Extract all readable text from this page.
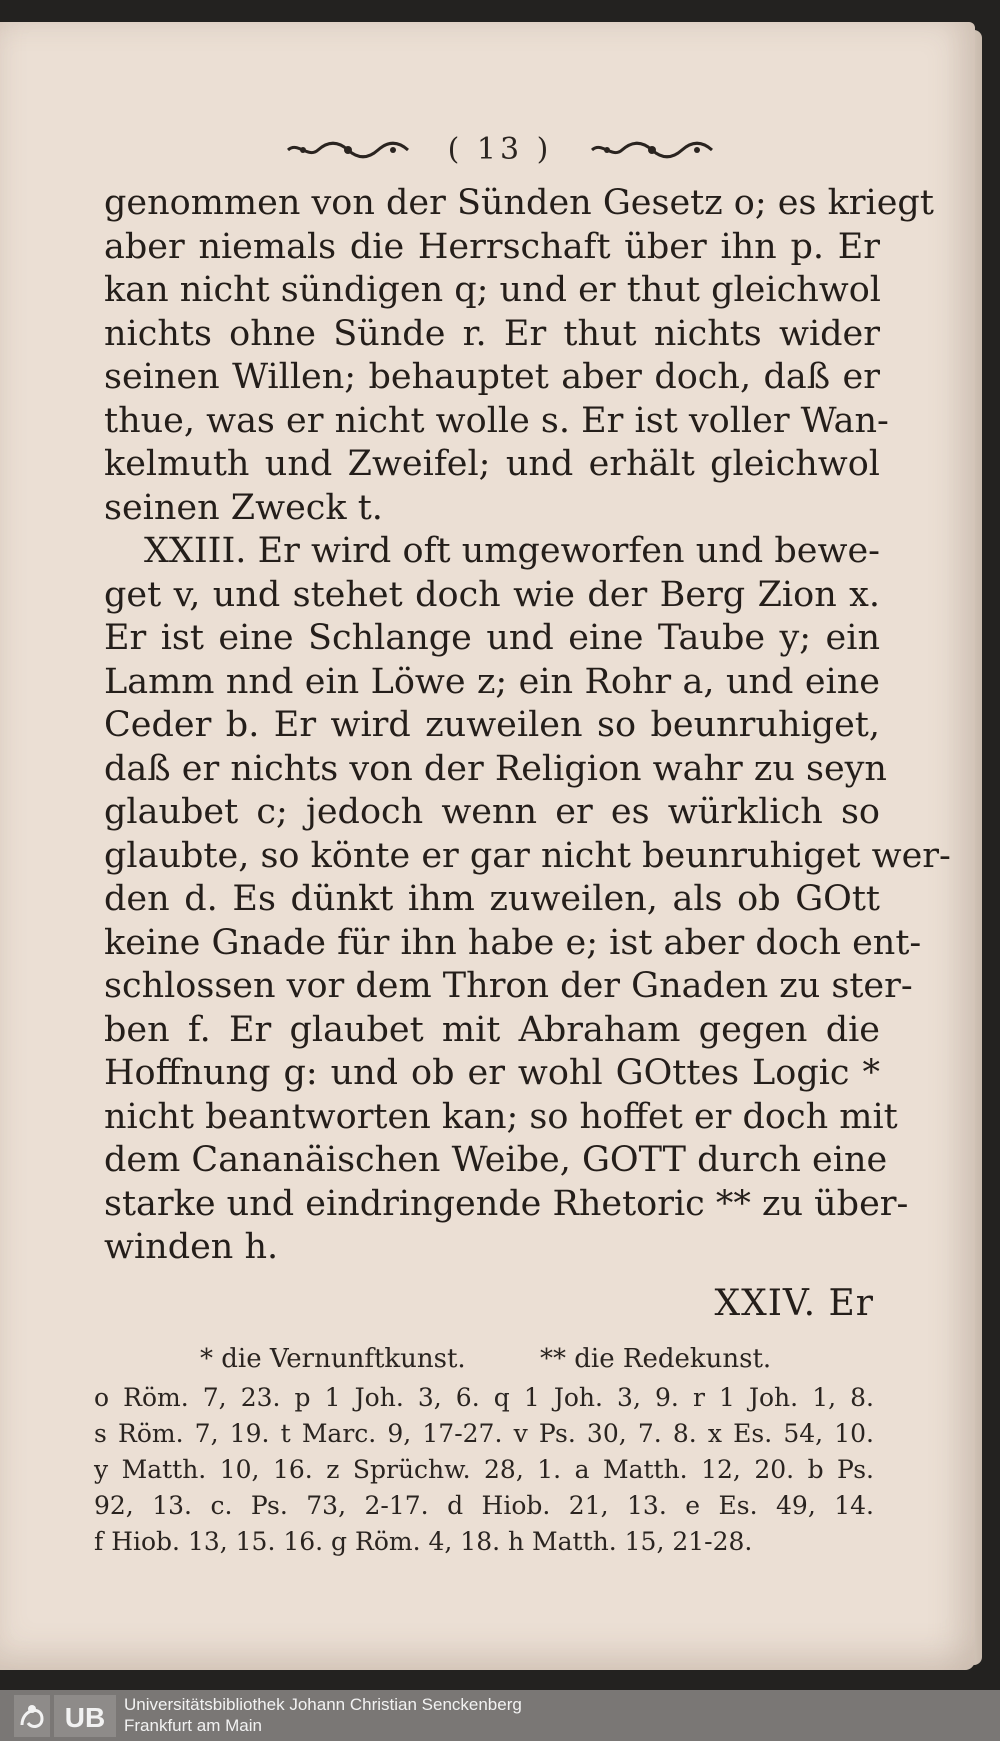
( 13 )
genommen von der Sünden Gesetz o; es kriegt
aber niemals die Herrschaft über ihn p. Er
kan nicht sündigen q; und er thut gleichwol
nichts ohne Sünde r. Er thut nichts wider
seinen Willen; behauptet aber doch, daß er
thue, was er nicht wolle s. Er ist voller Wan-
kelmuth und Zweifel; und erhält gleichwol
seinen Zweck t.
XXIII. Er wird oft umgeworfen und bewe-
get v, und stehet doch wie der Berg Zion x.
Er ist eine Schlange und eine Taube y; ein
Lamm nnd ein Löwe z; ein Rohr a, und eine
Ceder b. Er wird zuweilen so beunruhiget,
daß er nichts von der Religion wahr zu seyn
glaubet c; jedoch wenn er es würklich so
glaubte, so könte er gar nicht beunruhiget wer-
den d. Es dünkt ihm zuweilen, als ob GOtt
keine Gnade für ihn habe e; ist aber doch ent-
schlossen vor dem Thron der Gnaden zu ster-
ben f. Er glaubet mit Abraham gegen die
Hoffnung g: und ob er wohl GOttes Logic *
nicht beantworten kan; so hoffet er doch mit
dem Cananäischen Weibe, GOTT durch eine
starke und eindringende Rhetoric ** zu über-
winden h.
XXIV. Er
* die Vernunftkunst.	** die Redekunst.
o Röm. 7, 23. p 1 Joh. 3, 6. q 1 Joh. 3, 9. r 1 Joh. 1, 8.
s Röm. 7, 19. t Marc. 9, 17-27. v Ps. 30, 7. 8. x Es. 54, 10.
y Matth. 10, 16. z Sprüchw. 28, 1. a Matth. 12, 20. b Ps.
92, 13. c. Ps. 73, 2-17. d Hiob. 21, 13. e Es. 49, 14.
f Hiob. 13, 15. 16. g Röm. 4, 18. h Matth. 15, 21-28.
UB Universitätsbibliothek Johann Christian Senckenberg
Frankfurt am Main
